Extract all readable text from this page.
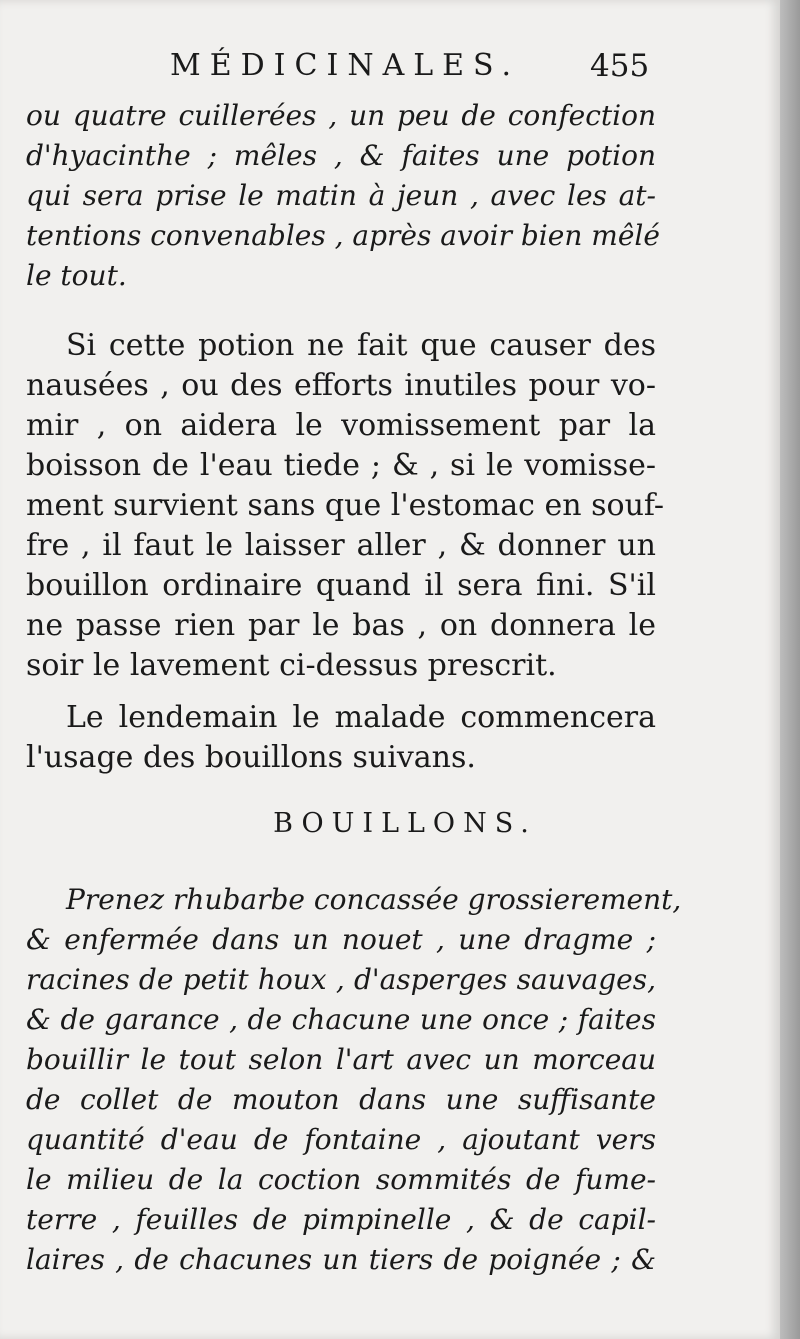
MÉDICINALES. 455
ou quatre cuillerées , un peu de confection
d'hyacinthe ; mêles , & faites une potion
qui sera prise le matin à jeun , avec les at-
tentions convenables , après avoir bien mêlé
le tout.
Si cette potion ne fait que causer des
nausées , ou des efforts inutiles pour vo-
mir , on aidera le vomissement par la
boisson de l'eau tiede ; & , si le vomisse-
ment survient sans que l'estomac en souf-
fre , il faut le laisser aller , & donner un
bouillon ordinaire quand il sera fini. S'il
ne passe rien par le bas , on donnera le
soir le lavement ci-dessus prescrit.
Le lendemain le malade commencera
l'usage des bouillons suivans.
BOUILLONS.
Prenez rhubarbe concassée grossierement,
& enfermée dans un nouet , une dragme ;
racines de petit houx , d'asperges sauvages,
& de garance , de chacune une once ; faites
bouillir le tout selon l'art avec un morceau
de collet de mouton dans une suffisante
quantité d'eau de fontaine , ajoutant vers
le milieu de la coction sommités de fume-
terre , feuilles de pimpinelle , & de capil-
laires , de chacunes un tiers de poignée ; &
